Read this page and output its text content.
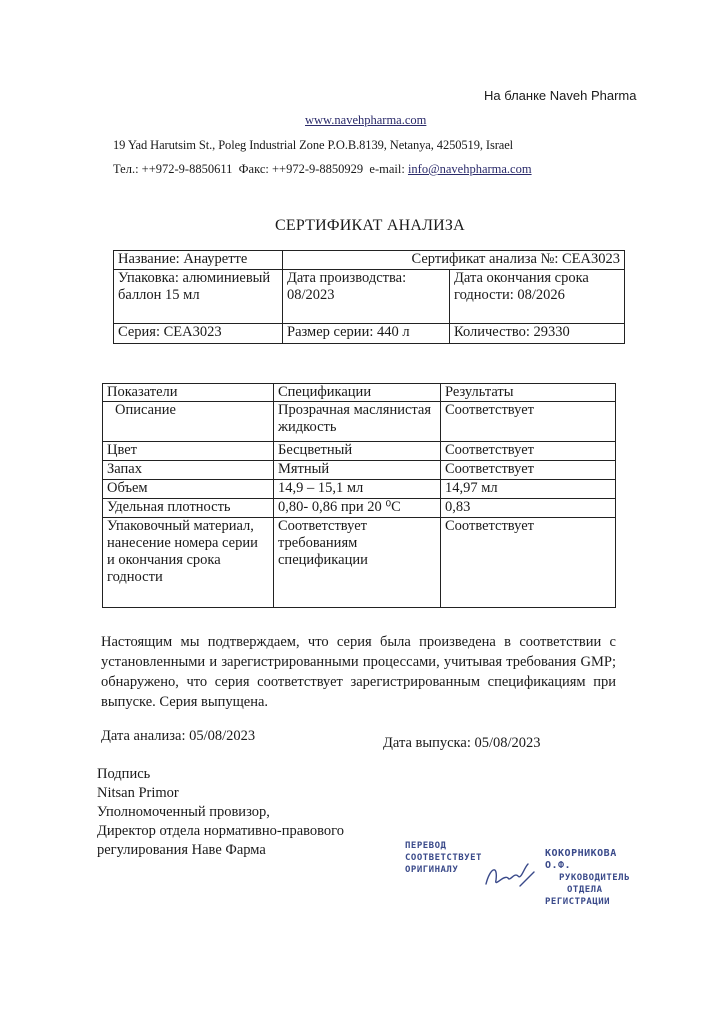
На бланке Naveh Pharma
www.navehpharma.com
19 Yad Harutsim St., Poleg Industrial Zone P.O.B.8139, Netanya, 4250519, Israel
Тел.: ++972-9-8850611 Факс: ++972-9-8850929 e-mail: info@navehpharma.com
СЕРТИФИКАТ АНАЛИЗА
Название: Анауретте	Сертификат анализа №: CEA3023	
Упаковка: алюминиевый баллон 15 мл	Дата производства: 08/2023	Дата окончания срока годности: 08/2026
Серия: CEA3023	Размер серии: 440 л	Количество: 29330
Показатели	Спецификации	Результаты
Описание	Прозрачная маслянистая жидкость	Соответствует
Цвет	Бесцветный	Соответствует
Запах	Мятный	Соответствует
Объем	14,9 – 15,1 мл	14,97 мл
Удельная плотность	0,80- 0,86 при 20 ⁰С	0,83
Упаковочный материал, нанесение номера серии и окончания срока годности	Соответствует требованиям спецификации	Соответствует
Настоящим мы подтверждаем, что серия была произведена в соответствии с установленными и зарегистрированными процессами, учитывая требования GMP; обнаружено, что серия соответствует зарегистрированным спецификациям при выпуске. Серия выпущена.
Дата анализа: 05/08/2023	Дата выпуска: 05/08/2023
Подпись
Nitsan Primor
Уполномоченный провизор,
Директор отдела нормативно-правового
регулирования Наве Фарма	ПЕРЕВОД
СООТВЕТСТВУЕТ
ОРИГИНАЛУ
КОКОРНИКОВА О.Ф.
РУКОВОДИТЕЛЬ
ОТДЕЛА
РЕГИСТРАЦИИ
